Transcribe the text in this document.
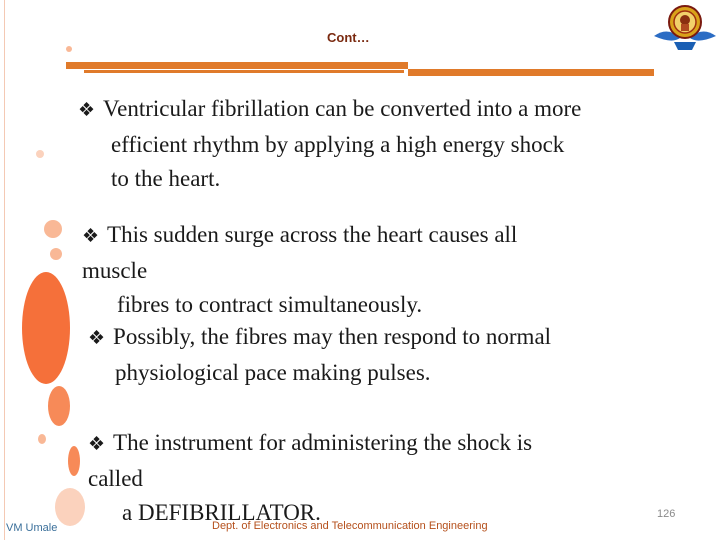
Cont…
❖ Ventricular fibrillation can be converted into a more
efficient rhythm by applying a high energy shock
to the heart.
❖ This sudden surge across the heart causes all
muscle
fibres to contract simultaneously.
❖ Possibly, the fibres may then respond to normal
physiological pace making pulses.
❖ The instrument for administering the shock is
called
a DEFIBRILLATOR.
VM Umale	Dept. of Electronics and Telecommunication Engineering
126
